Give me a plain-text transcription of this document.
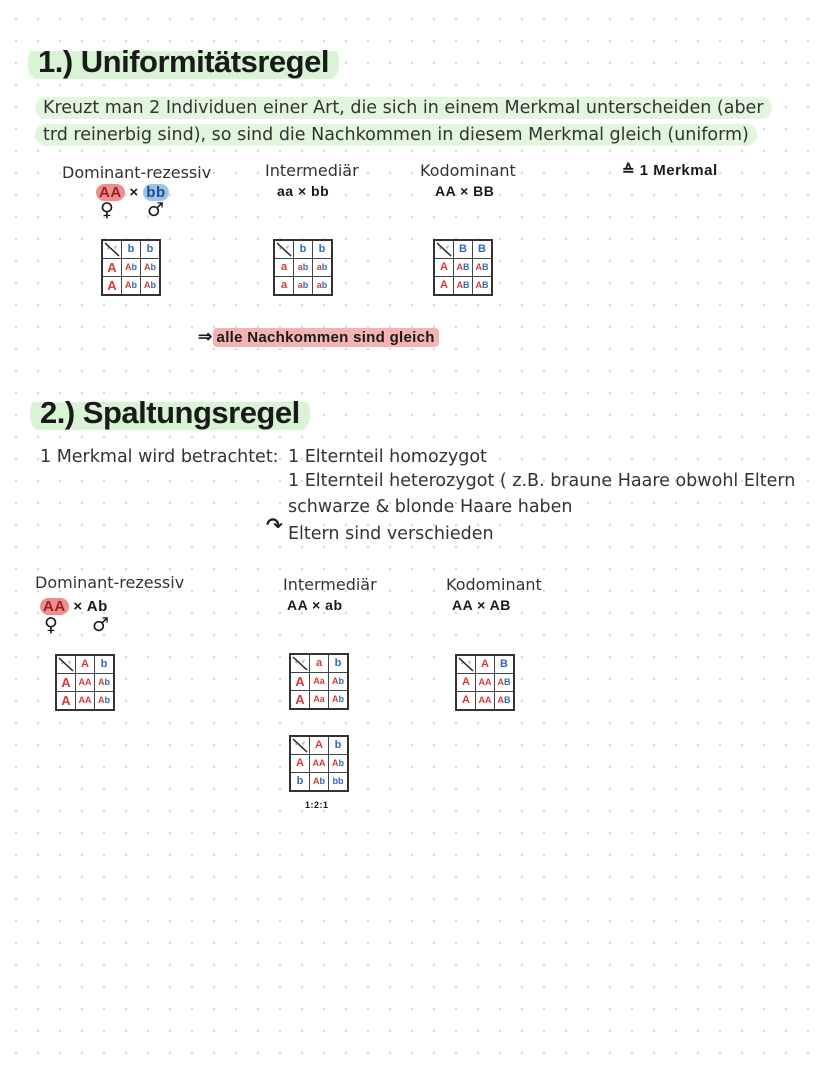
1.) Uniformitätsregel
Kreuzt man 2 Individuen einer Art, die sich in einem Merkmal unterscheiden (aber
trd reinerbig sind), so sind die Nachkommen in diesem Merkmal gleich (uniform)
Dominant-rezessiv	Intermediär	Kodominant	≙ 1 Merkmal
AA × bb
♀ ♂
aa × bb	AA × BB
♀ ♂	b	b
A	Ab	Ab
A	Ab	Ab
♀ ♂	b	b
a	ab	ab
a	ab	ab
♀ ♂	B	B
A	AB	AB
A	AB	AB
⇒ alle Nachkommen sind gleich
2.) Spaltungsregel
1 Merkmal wird betrachtet: 1 Elternteil homozygot
1 Elternteil heterozygot ( z.B. braune Haare obwohl Eltern
schwarze & blonde Haare haben
↷ Eltern sind verschieden
Dominant-rezessiv	Intermediär	Kodominant
AA × Ab
♀ ♂
AA × ab	AA × AB
♀ ♂	A	b
A	AA	Ab
A	AA	Ab
♀ ♂	a	b
A	Aa	Ab
A	Aa	Ab
♀ ♂	A	b
A	AA	Ab
b	Ab	bb
1:2:1
♀ ♂	A	B
A	AA	AB
A	AA	AB
